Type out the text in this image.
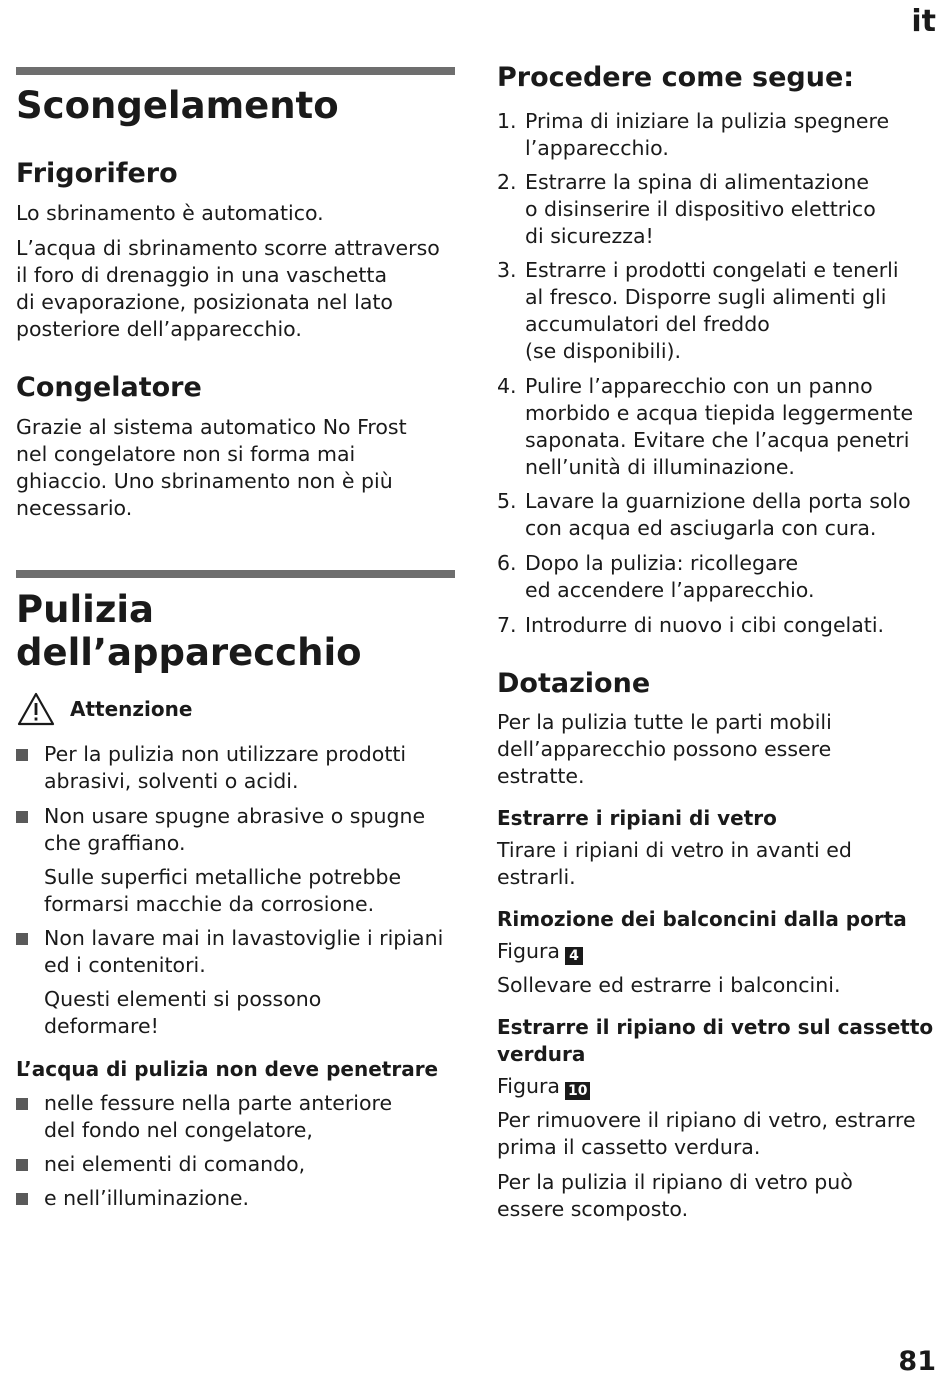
it
Scongelamento
Frigorifero

Lo sbrinamento è automatico.

L’acqua di sbrinamento scorre attraverso
il foro di drenaggio in una vaschetta
di evaporazione, posizionata nel lato
posteriore dell’apparecchio.

Congelatore

Grazie al sistema automatico No Frost
nel congelatore non si forma mai
ghiaccio. Uno sbrinamento non è più
necessario.

Pulizia
dell’apparecchio
Attenzione
Per la pulizia non utilizzare prodotti
abrasivi, solventi o acidi.
Non usare spugne abrasive o spugne
che graffiano.
Sulle superfici metalliche potrebbe
formarsi macchie da corrosione.
Non lavare mai in lavastoviglie i ripiani
ed i contenitori.
Questi elementi si possono
deformare!
L’acqua di pulizia non deve penetrare
nelle fessure nella parte anteriore
del fondo nel congelatore,
nei elementi di comando,
e nell’illuminazione.
Procedere come segue:
1. Prima di iniziare la pulizia spegnere
l’apparecchio.
2. Estrarre la spina di alimentazione
o disinserire il dispositivo elettrico
di sicurezza!
3. Estrarre i prodotti congelati e tenerli
al fresco. Disporre sugli alimenti gli
accumulatori del freddo
(se disponibili).
4. Pulire l’apparecchio con un panno
morbido e acqua tiepida leggermente
saponata. Evitare che l’acqua penetri
nell’unità di illuminazione.
5. Lavare la guarnizione della porta solo
con acqua ed asciugarla con cura.
6. Dopo la pulizia: ricollegare
ed accendere l’apparecchio.
7. Introdurre di nuovo i cibi congelati.
Dotazione

Per la pulizia tutte le parti mobili
dell’apparecchio possono essere
estratte.

Estrarre i ripiani di vetro

Tirare i ripiani di vetro in avanti ed
estrarli.

Rimozione dei balconcini dalla porta

Figura 4

Sollevare ed estrarre i balconcini.

Estrarre il ripiano di vetro sul cassetto
verdura

Figura 10

Per rimuovere il ripiano di vetro, estrarre
prima il cassetto verdura.

Per la pulizia il ripiano di vetro può
essere scomposto.

81
